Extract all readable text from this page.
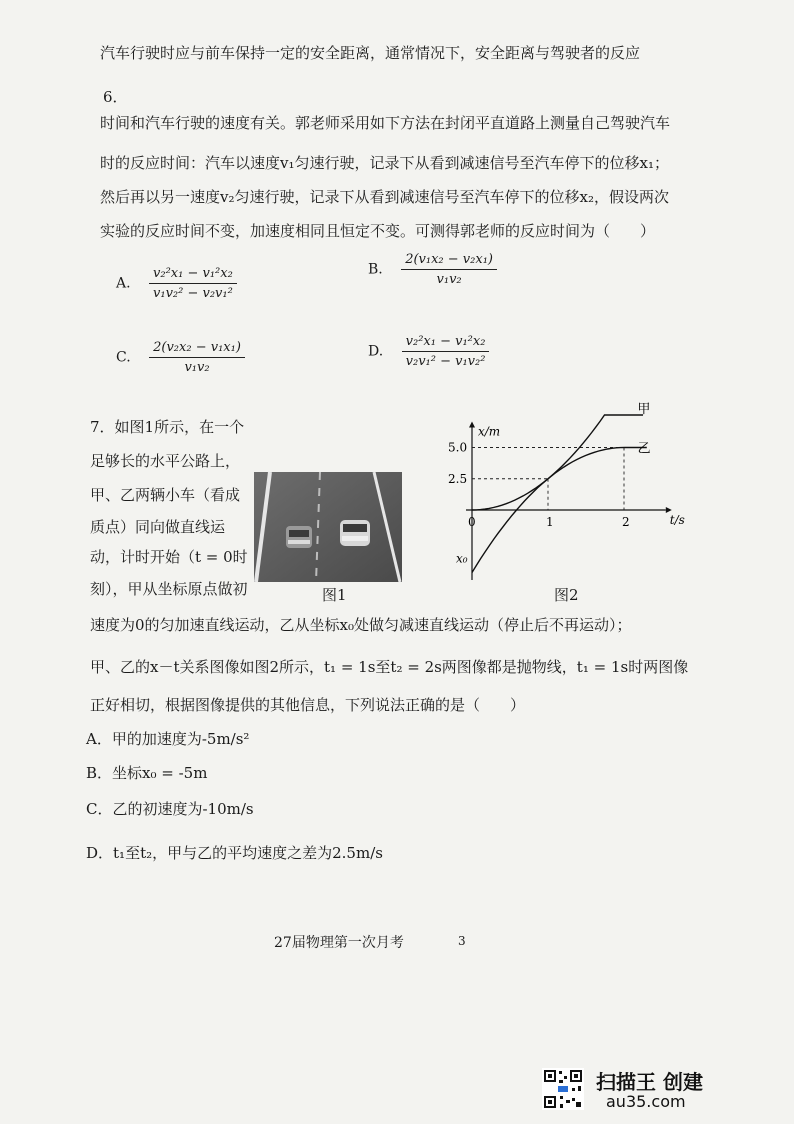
汽车行驶时应与前车保持一定的安全距离，通常情况下，安全距离与驾驶者的反应
6．
时间和汽车行驶的速度有关。郭老师采用如下方法在封闭平直道路上测量自己驾驶汽车
时的反应时间：汽车以速度v₁匀速行驶，记录下从看到减速信号至汽车停下的位移x₁；
然后再以另一速度v₂匀速行驶，记录下从看到减速信号至汽车停下的位移x₂，假设两次
实验的反应时间不变，加速度相同且恒定不变。可测得郭老师的反应时间为（　　）
A. $\frac{\text{v₂²x₁ − v₁²x₂}}{\text{v₁v₂² − v₂v₁²}}$	B. $\frac{\text{2(v₁x₂ − v₂x₁)}}{\text{v₁v₂}}$
C. $\frac{\text{2(v₂x₂ − v₁x₁)}}{\text{v₁v₂}}$	D. $\frac{\text{v₂²x₁ − v₁²x₂}}{\text{v₂v₁² − v₁v₂²}}$
7．如图1所示，在一个
足够长的水平公路上，
甲、乙两辆小车（看成
质点）同向做直线运
动，计时开始（t = 0时
刻），甲从坐标原点做初	图1
x/m
t/s
5.0
2.5
0	1	2
x₀
甲
乙
图2
速度为0的匀加速直线运动，乙从坐标x₀处做匀减速直线运动（停止后不再运动）；
甲、乙的x－t关系图像如图2所示，t₁ = 1s至t₂ = 2s两图像都是抛物线，t₁ = 1s时两图像
正好相切，根据图像提供的其他信息，下列说法正确的是（　　）
A．甲的加速度为-5m/s²
B．坐标x₀ = -5m
C．乙的初速度为-10m/s
D．t₁至t₂，甲与乙的平均速度之差为2.5m/s
27届物理第一次月考	3
扫描王 创建
au35.com
